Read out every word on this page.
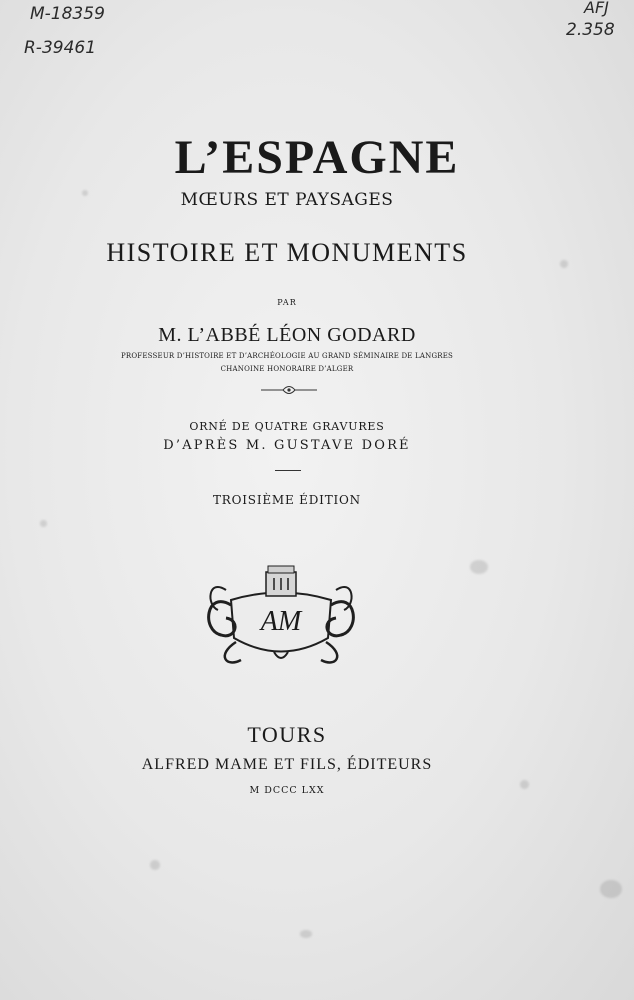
M-18359
R-39461
AFJ
2.358
L’ESPAGNE
MŒURS ET PAYSAGES
HISTOIRE ET MONUMENTS
PAR
M. L’ABBÉ LÉON GODARD
PROFESSEUR D’HISTOIRE ET D’ARCHÉOLOGIE AU GRAND SÉMINAIRE DE LANGRES
CHANOINE HONORAIRE D’ALGER
ORNÉ DE QUATRE GRAVURES
D’APRÈS M. GUSTAVE DORÉ
TROISIÈME ÉDITION
AM
TOURS
ALFRED MAME ET FILS, ÉDITEURS
M DCCC LXX
